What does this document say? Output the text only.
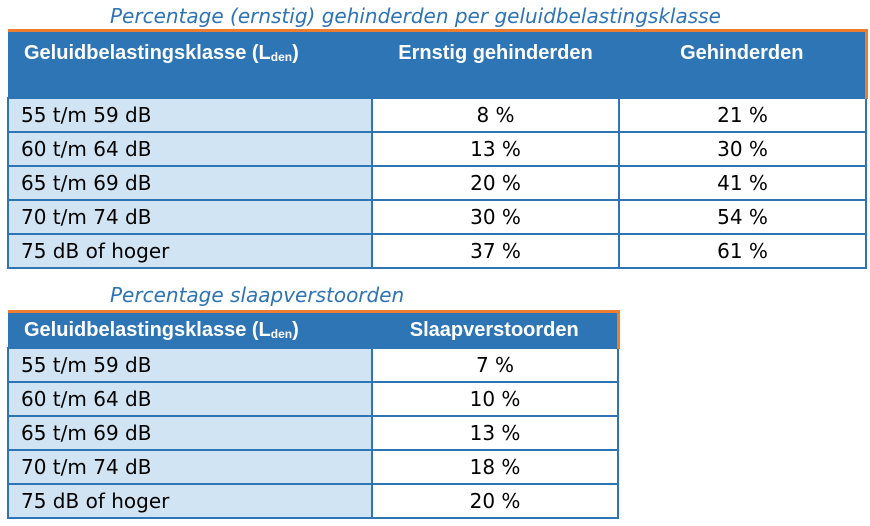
Percentage (ernstig) gehinderden per geluidbelastingsklasse
Geluidbelastingsklasse $(L_{den})$	Ernstig gehinderden	Gehinderden
55 t/m 59 dB	8 %	21 %
60 t/m 64 dB	13 %	30 %
65 t/m 69 dB	20 %	41 %
70 t/m 74 dB	30 %	54 %
75 dB of hoger	37 %	61 %
Percentage slaapverstoorden
Geluidbelastingsklasse $(L_{den})$	Slaapverstoorden
55 t/m 59 dB	7 %
60 t/m 64 dB	10 %
65 t/m 69 dB	13 %
70 t/m 74 dB	18 %
75 dB of hoger	20 %
